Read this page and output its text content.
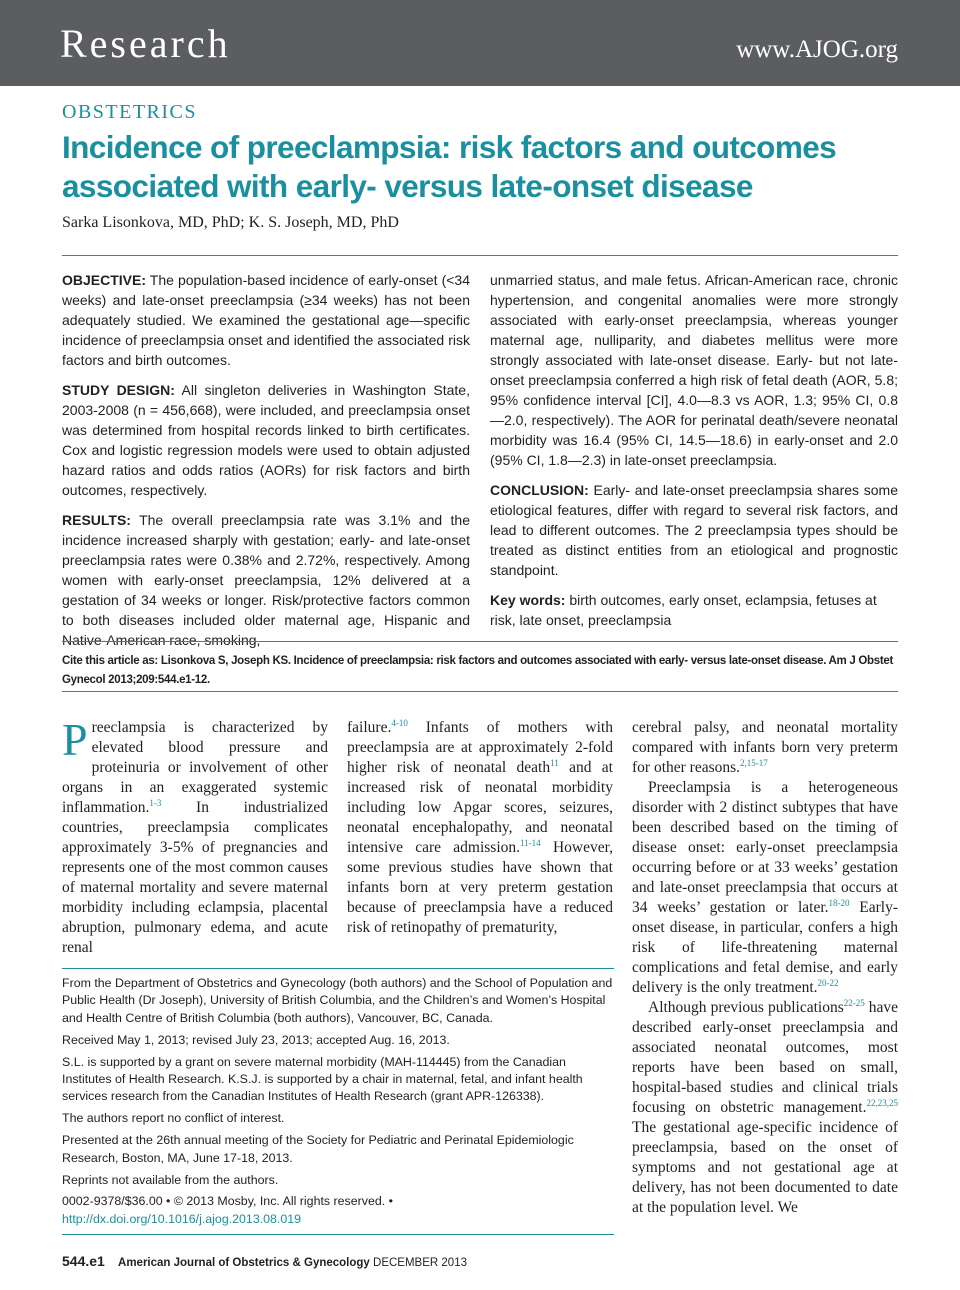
Research	www.AJOG.org
OBSTETRICS
Incidence of preeclampsia: risk factors and outcomes associated with early- versus late-onset disease
Sarka Lisonkova, MD, PhD; K. S. Joseph, MD, PhD

OBJECTIVE: The population-based incidence of early-onset (<34 weeks) and late-onset preeclampsia (≥34 weeks) has not been adequately studied. We examined the gestational age—specific incidence of preeclampsia onset and identified the associated risk factors and birth outcomes.

STUDY DESIGN: All singleton deliveries in Washington State, 2003-2008 (n = 456,668), were included, and preeclampsia onset was determined from hospital records linked to birth certificates. Cox and logistic regression models were used to obtain adjusted hazard ratios and odds ratios (AORs) for risk factors and birth outcomes, respectively.

RESULTS: The overall preeclampsia rate was 3.1% and the incidence increased sharply with gestation; early- and late-onset preeclampsia rates were 0.38% and 2.72%, respectively. Among women with early-onset preeclampsia, 12% delivered at a gestation of 34 weeks or longer. Risk/protective factors common to both diseases included older maternal age, Hispanic and Native-American race, smoking,

unmarried status, and male fetus. African-American race, chronic hypertension, and congenital anomalies were more strongly associated with early-onset preeclampsia, whereas younger maternal age, nulliparity, and diabetes mellitus were more strongly associated with late-onset disease. Early- but not late-onset preeclampsia conferred a high risk of fetal death (AOR, 5.8; 95% confidence interval [CI], 4.0—8.3 vs AOR, 1.3; 95% CI, 0.8—2.0, respectively). The AOR for perinatal death/severe neonatal morbidity was 16.4 (95% CI, 14.5—18.6) in early-onset and 2.0 (95% CI, 1.8—2.3) in late-onset preeclampsia.

CONCLUSION: Early- and late-onset preeclampsia shares some etiological features, differ with regard to several risk factors, and lead to different outcomes. The 2 preeclampsia types should be treated as distinct entities from an etiological and prognostic standpoint.

Key words: birth outcomes, early onset, eclampsia, fetuses at risk, late onset, preeclampsia

Cite this article as: Lisonkova S, Joseph KS. Incidence of preeclampsia: risk factors and outcomes associated with early- versus late-onset disease. Am J Obstet Gynecol 2013;209:544.e1-12.

Preeclampsia is characterized by elevated blood pressure and proteinuria or involvement of other organs in an exaggerated systemic inflammation.$^{1-3}$ In industrialized countries, preeclampsia complicates approximately 3-5% of pregnancies and represents one of the most common causes of maternal mortality and severe maternal morbidity including eclampsia, placental abruption, pulmonary edema, and acute renal

failure.$^{4-10}$ Infants of mothers with preeclampsia are at approximately 2-fold higher risk of neonatal death$^{11}$ and at increased risk of neonatal morbidity including low Apgar scores, seizures, neonatal encephalopathy, and neonatal intensive care admission.$^{11-14}$ However, some previous studies have shown that infants born at very preterm gestation because of preeclampsia have a reduced risk of retinopathy of prematurity,

cerebral palsy, and neonatal mortality compared with infants born very preterm for other reasons.$^{2,15-17}$

Preeclampsia is a heterogeneous disorder with 2 distinct subtypes that have been described based on the timing of disease onset: early-onset preeclampsia occurring before or at 33 weeks’ gestation and late-onset preeclampsia that occurs at 34 weeks’ gestation or later.$^{18-20}$ Early-onset disease, in particular, confers a high risk of life-threatening maternal complications and fetal demise, and early delivery is the only treatment.$^{20-22}$

Although previous publications$^{22-25}$ have described early-onset preeclampsia and associated neonatal outcomes, most reports have been based on small, hospital-based studies and clinical trials focusing on obstetric management.$^{22,23,25}$ The gestational age-specific incidence of preeclampsia, based on the onset of symptoms and not gestational age at delivery, has not been documented to date at the population level. We

From the Department of Obstetrics and Gynecology (both authors) and the School of Population and Public Health (Dr Joseph), University of British Columbia, and the Children’s and Women’s Hospital and Health Centre of British Columbia (both authors), Vancouver, BC, Canada.

Received May 1, 2013; revised July 23, 2013; accepted Aug. 16, 2013.

S.L. is supported by a grant on severe maternal morbidity (MAH-114445) from the Canadian Institutes of Health Research. K.S.J. is supported by a chair in maternal, fetal, and infant health services research from the Canadian Institutes of Health Research (grant APR-126338).

The authors report no conflict of interest.

Presented at the 26th annual meeting of the Society for Pediatric and Perinatal Epidemiologic Research, Boston, MA, June 17-18, 2013.

Reprints not available from the authors.

0002-9378/$36.00 • © 2013 Mosby, Inc. All rights reserved. • http://dx.doi.org/10.1016/j.ajog.2013.08.019

544.e1 American Journal of Obstetrics & Gynecology DECEMBER 2013
